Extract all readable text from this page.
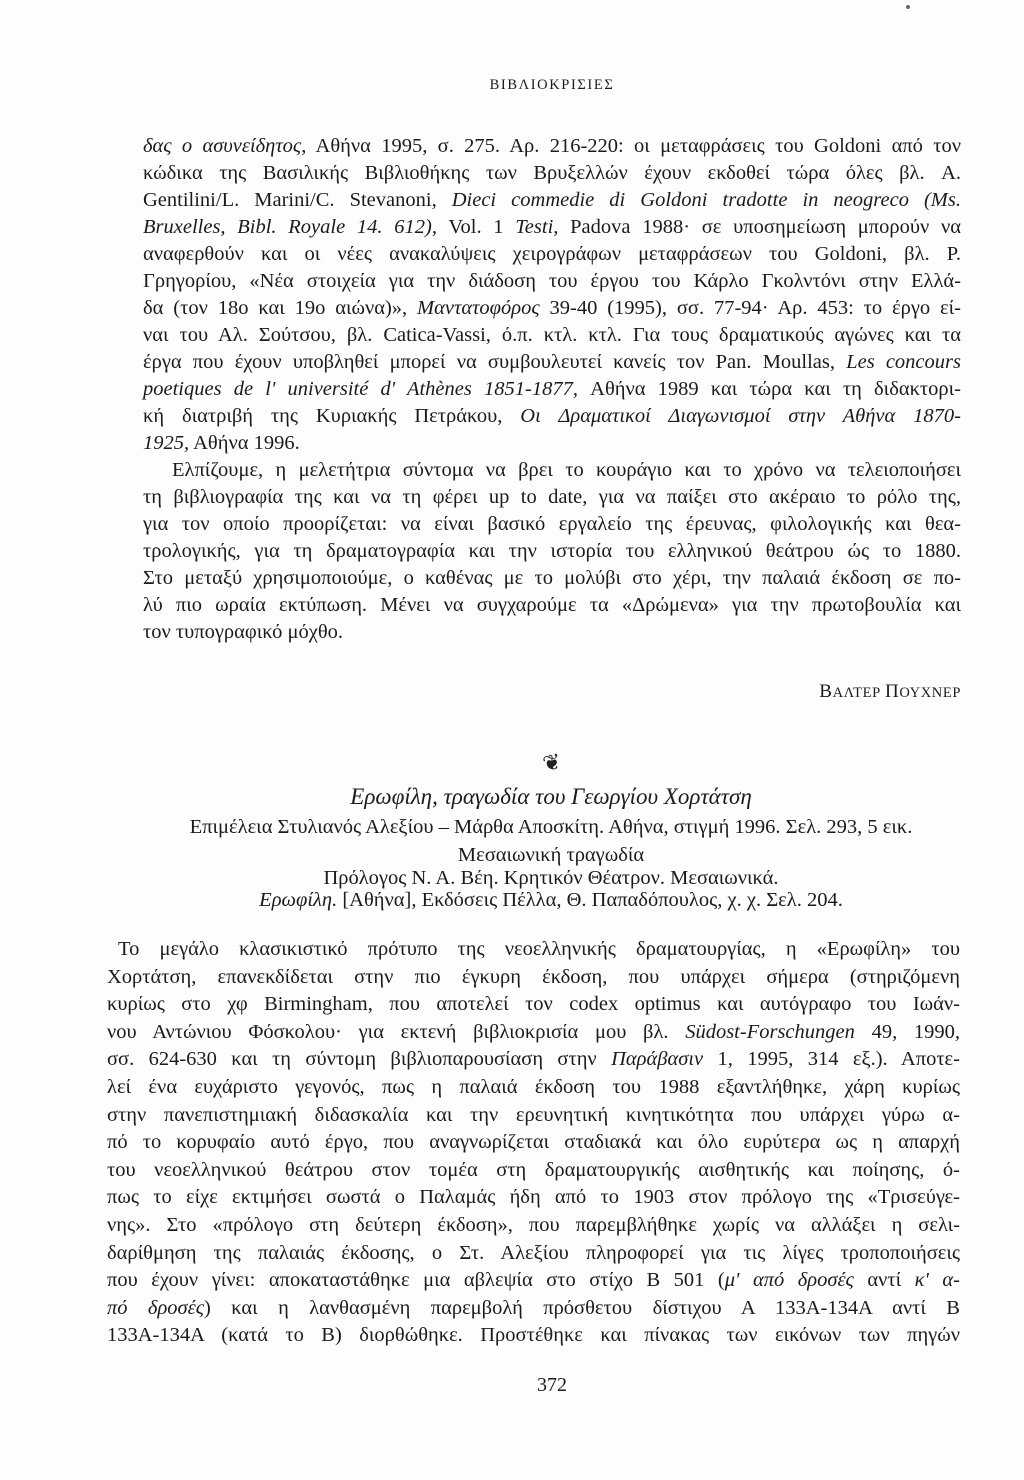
ΒΙΒΛΙΟΚΡΙΣΙΕΣ
δας ο ασυνείδητος, Αθήνα 1995, σ. 275. Αρ. 216-220: οι μεταφράσεις του Goldoni από τον
κώδικα της Βασιλικής Βιβλιοθήκης των Βρυξελλών έχουν εκδοθεί τώρα όλες βλ. A.
Gentilini/L. Marini/C. Stevanoni, Dieci commedie di Goldoni tradotte in neogreco (Ms.
Bruxelles, Bibl. Royale 14. 612), Vol. 1 Testi, Padova 1988· σε υποσημείωση μπορούν να
αναφερθούν και οι νέες ανακαλύψεις χειρογράφων μεταφράσεων του Goldoni, βλ. P.
Γρηγορίου, «Νέα στοιχεία για την διάδοση του έργου του Κάρλο Γκολντόνι στην Ελλά-
δα (τον 18ο και 19ο αιώνα)», Μαντατοφόρος 39-40 (1995), σσ. 77-94· Αρ. 453: το έργο εί-
ναι του Αλ. Σούτσου, βλ. Catica-Vassi, ό.π. κτλ. κτλ. Για τους δραματικούς αγώνες και τα
έργα που έχουν υποβληθεί μπορεί να συμβουλευτεί κανείς τον Pan. Moullas, Les concours
poetiques de l' université d' Athènes 1851-1877, Αθήνα 1989 και τώρα και τη διδακτορι-
κή διατριβή της Κυριακής Πετράκου, Οι Δραματικοί Διαγωνισμοί στην Αθήνα 1870-
1925, Αθήνα 1996.
Ελπίζουμε, η μελετήτρια σύντομα να βρει το κουράγιο και το χρόνο να τελειοποιήσει
τη βιβλιογραφία της και να τη φέρει up to date, για να παίξει στο ακέραιο το ρόλο της,
για τον οποίο προορίζεται: να είναι βασικό εργαλείο της έρευνας, φιλολογικής και θεα-
τρολογικής, για τη δραματογραφία και την ιστορία του ελληνικού θεάτρου ώς το 1880.
Στο μεταξύ χρησιμοποιούμε, ο καθένας με το μολύβι στο χέρι, την παλαιά έκδοση σε πο-
λύ πιο ωραία εκτύπωση. Μένει να συγχαρούμε τα «Δρώμενα» για την πρωτοβουλία και
τον τυπογραφικό μόχθο.
ΒΑΛΤΕΡ ΠΟΥΧΝΕΡ
❦
Ερωφίλη, τραγωδία του Γεωργίου Χορτάτση
Επιμέλεια Στυλιανός Αλεξίου – Μάρθα Αποσκίτη. Αθήνα, στιγμή 1996. Σελ. 293, 5 εικ.
Μεσαιωνική τραγωδία
Πρόλογος Ν. Α. Βέη. Κρητικόν Θέατρον. Μεσαιωνικά.
Ερωφίλη. [Αθήνα], Εκδόσεις Πέλλα, Θ. Παπαδόπουλος, χ. χ. Σελ. 204.
Το μεγάλο κλασικιστικό πρότυπο της νεοελληνικής δραματουργίας, η «Ερωφίλη» του
Χορτάτση, επανεκδίδεται στην πιο έγκυρη έκδοση, που υπάρχει σήμερα (στηριζόμενη
κυρίως στο χφ Birmingham, που αποτελεί τον codex optimus και αυτόγραφο του Ιωάν-
νου Αντώνιου Φόσκολου· για εκτενή βιβλιοκρισία μου βλ. Südost-Forschungen 49, 1990,
σσ. 624-630 και τη σύντομη βιβλιοπαρουσίαση στην Παράβασιν 1, 1995, 314 εξ.). Αποτε-
λεί ένα ευχάριστο γεγονός, πως η παλαιά έκδοση του 1988 εξαντλήθηκε, χάρη κυρίως
στην πανεπιστημιακή διδασκαλία και την ερευνητική κινητικότητα που υπάρχει γύρω α-
πό το κορυφαίο αυτό έργο, που αναγνωρίζεται σταδιακά και όλο ευρύτερα ως η απαρχή
του νεοελληνικού θεάτρου στον τομέα στη δραματουργικής αισθητικής και ποίησης, ό-
πως το είχε εκτιμήσει σωστά ο Παλαμάς ήδη από το 1903 στον πρόλογο της «Τρισεύγε-
νης». Στο «πρόλογο στη δεύτερη έκδοση», που παρεμβλήθηκε χωρίς να αλλάξει η σελι-
δαρίθμηση της παλαιάς έκδοσης, ο Στ. Αλεξίου πληροφορεί για τις λίγες τροποποιήσεις
που έχουν γίνει: αποκαταστάθηκε μια αβλεψία στο στίχο Β 501 (μ' από δροσές αντί κ' α-
πό δροσές) και η λανθασμένη παρεμβολή πρόσθετου δίστιχου Α 133Α-134Α αντί Β
133Α-134Α (κατά το Β) διορθώθηκε. Προστέθηκε και πίνακας των εικόνων των πηγών
372
